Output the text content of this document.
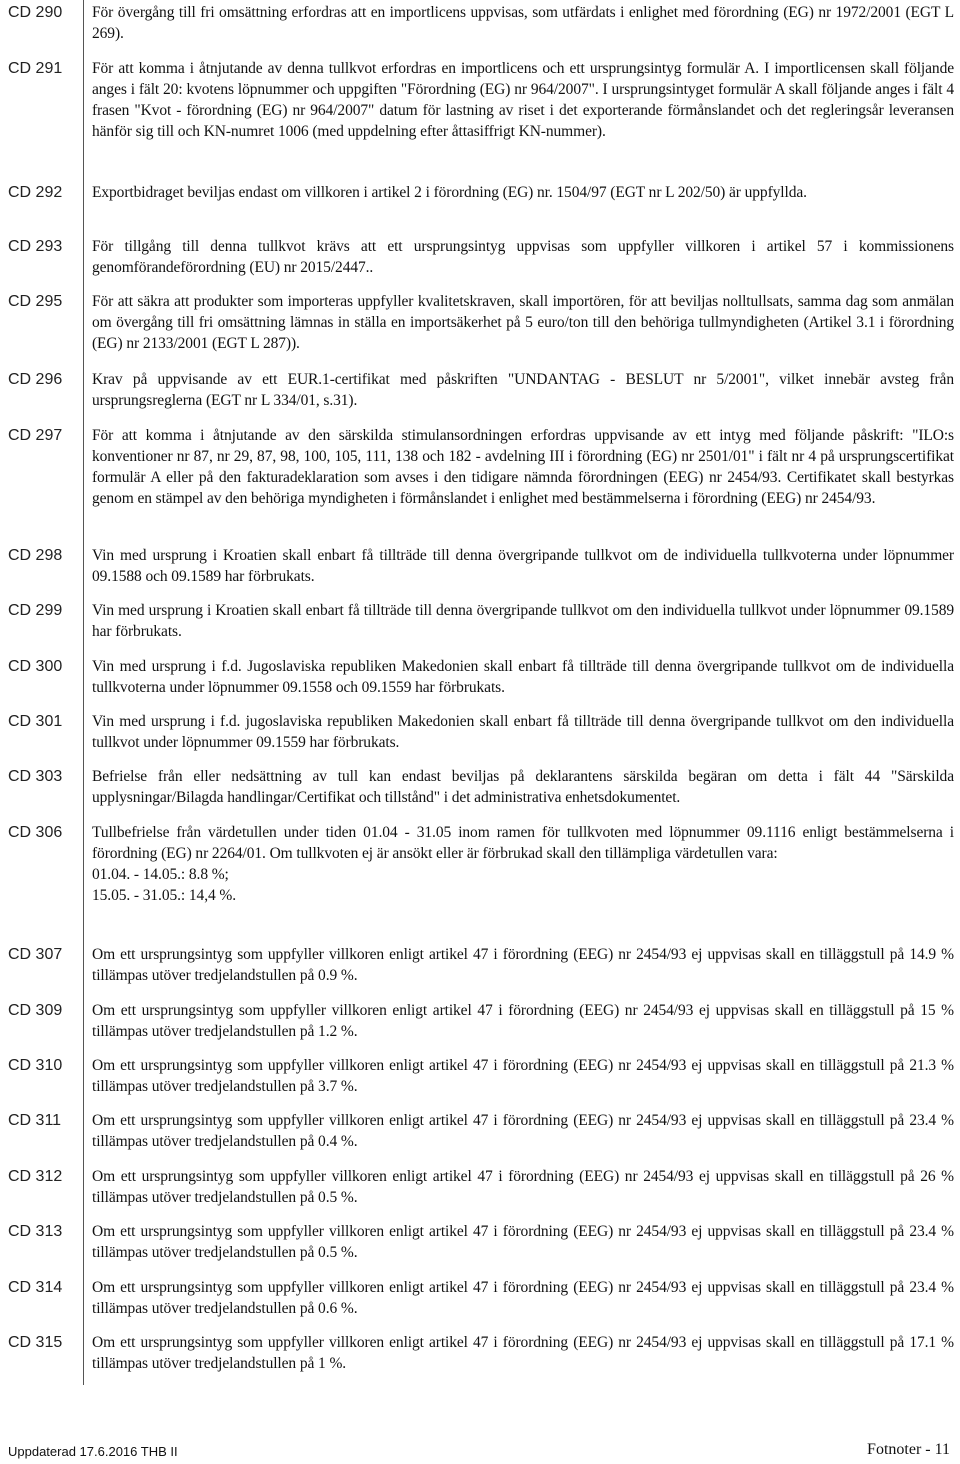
CD 290	För övergång till fri omsättning erfordras att en importlicens uppvisas, som utfärdats i enlighet med förordning (EG) nr 1972/2001 (EGT L 269).
CD 291	För att komma i åtnjutande av denna tullkvot erfordras en importlicens och ett ursprungsintyg formulär A. I importlicensen skall följande anges i fält 20: kvotens löpnummer och uppgiften "Förordning (EG) nr 964/2007". I ursprungsintyget formulär A skall följande anges i fält 4 frasen "Kvot - förordning (EG) nr 964/2007" datum för lastning av riset i det exporterande förmånslandet och det regleringsår leveransen hänför sig till och KN-numret 1006 (med uppdelning efter åttasiffrigt KN-nummer).
CD 292	Exportbidraget beviljas endast om villkoren i artikel 2 i förordning (EG) nr. 1504/97 (EGT nr L 202/50) är uppfyllda.
CD 293	För tillgång till denna tullkvot krävs att ett ursprungsintyg uppvisas som uppfyller villkoren i artikel 57 i kommissionens genomförandeförordning (EU) nr 2015/2447..
CD 295	För att säkra att produkter som importeras uppfyller kvalitetskraven, skall importören, för att beviljas nolltullsats, samma dag som anmälan om övergång till fri omsättning lämnas in ställa en importsäkerhet på 5 euro/ton till den behöriga tullmyndigheten (Artikel 3.1 i förordning (EG) nr 2133/2001 (EGT L 287)).
CD 296	Krav på uppvisande av ett EUR.1-certifikat med påskriften "UNDANTAG - BESLUT nr 5/2001", vilket innebär avsteg från ursprungsreglerna (EGT nr L 334/01, s.31).
CD 297	För att komma i åtnjutande av den särskilda stimulansordningen erfordras uppvisande av ett intyg med följande påskrift: "ILO:s konventioner nr 87, nr 29, 87, 98, 100, 105, 111, 138 och 182 - avdelning III i förordning (EG) nr 2501/01" i fält nr 4 på ursprungscertifikat formulär A eller på den fakturadeklaration som avses i den tidigare nämnda förordningen (EEG) nr 2454/93. Certifikatet skall bestyrkas genom en stämpel av den behöriga myndigheten i förmånslandet i enlighet med bestämmelserna i förordning (EEG) nr 2454/93.
CD 298	Vin med ursprung i Kroatien skall enbart få tillträde till denna övergripande tullkvot om de individuella tullkvoterna under löpnummer 09.1588 och 09.1589 har förbrukats.
CD 299	Vin med ursprung i Kroatien skall enbart få tillträde till denna övergripande tullkvot om den individuella tullkvot under löpnummer 09.1589 har förbrukats.
CD 300	Vin med ursprung i f.d. Jugoslaviska republiken Makedonien skall enbart få tillträde till denna övergripande tullkvot om de individuella tullkvoterna under löpnummer 09.1558 och 09.1559 har förbrukats.
CD 301	Vin med ursprung i f.d. jugoslaviska republiken Makedonien skall enbart få tillträde till denna övergripande tullkvot om den individuella tullkvot under löpnummer 09.1559 har förbrukats.
CD 303	Befrielse från eller nedsättning av tull kan endast beviljas på deklarantens särskilda begäran om detta i fält 44 "Särskilda upplysningar/Bilagda handlingar/Certifikat och tillstånd" i det administrativa enhetsdokumentet.
CD 306	Tullbefrielse från värdetullen under tiden 01.04 - 31.05 inom ramen för tullkvoten med löpnummer 09.1116 enligt bestämmelserna i förordning (EG) nr 2264/01. Om tullkvoten ej är ansökt eller är förbrukad skall den tillämpliga värdetullen vara:
01.04. - 14.05.: 8.8 %;
15.05. - 31.05.: 14,4 %.
CD 307	Om ett ursprungsintyg som uppfyller villkoren enligt artikel 47 i förordning (EEG) nr 2454/93 ej uppvisas skall en tilläggstull på 14.9 % tillämpas utöver tredjelandstullen på 0.9 %.
CD 309	Om ett ursprungsintyg som uppfyller villkoren enligt artikel 47 i förordning (EEG) nr 2454/93 ej uppvisas skall en tilläggstull på 15 % tillämpas utöver tredjelandstullen på 1.2 %.
CD 310	Om ett ursprungsintyg som uppfyller villkoren enligt artikel 47 i förordning (EEG) nr 2454/93 ej uppvisas skall en tilläggstull på 21.3 % tillämpas utöver tredjelandstullen på 3.7 %.
CD 311	Om ett ursprungsintyg som uppfyller villkoren enligt artikel 47 i förordning (EEG) nr 2454/93 ej uppvisas skall en tilläggstull på 23.4 % tillämpas utöver tredjelandstullen på 0.4 %.
CD 312	Om ett ursprungsintyg som uppfyller villkoren enligt artikel 47 i förordning (EEG) nr 2454/93 ej uppvisas skall en tilläggstull på 26 % tillämpas utöver tredjelandstullen på 0.5 %.
CD 313	Om ett ursprungsintyg som uppfyller villkoren enligt artikel 47 i förordning (EEG) nr 2454/93 ej uppvisas skall en tilläggstull på 23.4 % tillämpas utöver tredjelandstullen på 0.5 %.
CD 314	Om ett ursprungsintyg som uppfyller villkoren enligt artikel 47 i förordning (EEG) nr 2454/93 ej uppvisas skall en tilläggstull på 23.4 % tillämpas utöver tredjelandstullen på 0.6 %.
CD 315	Om ett ursprungsintyg som uppfyller villkoren enligt artikel 47 i förordning (EEG) nr 2454/93 ej uppvisas skall en tilläggstull på 17.1 % tillämpas utöver tredjelandstullen på 1 %.
Uppdaterad 17.6.2016 THB II	Fotnoter - 11
